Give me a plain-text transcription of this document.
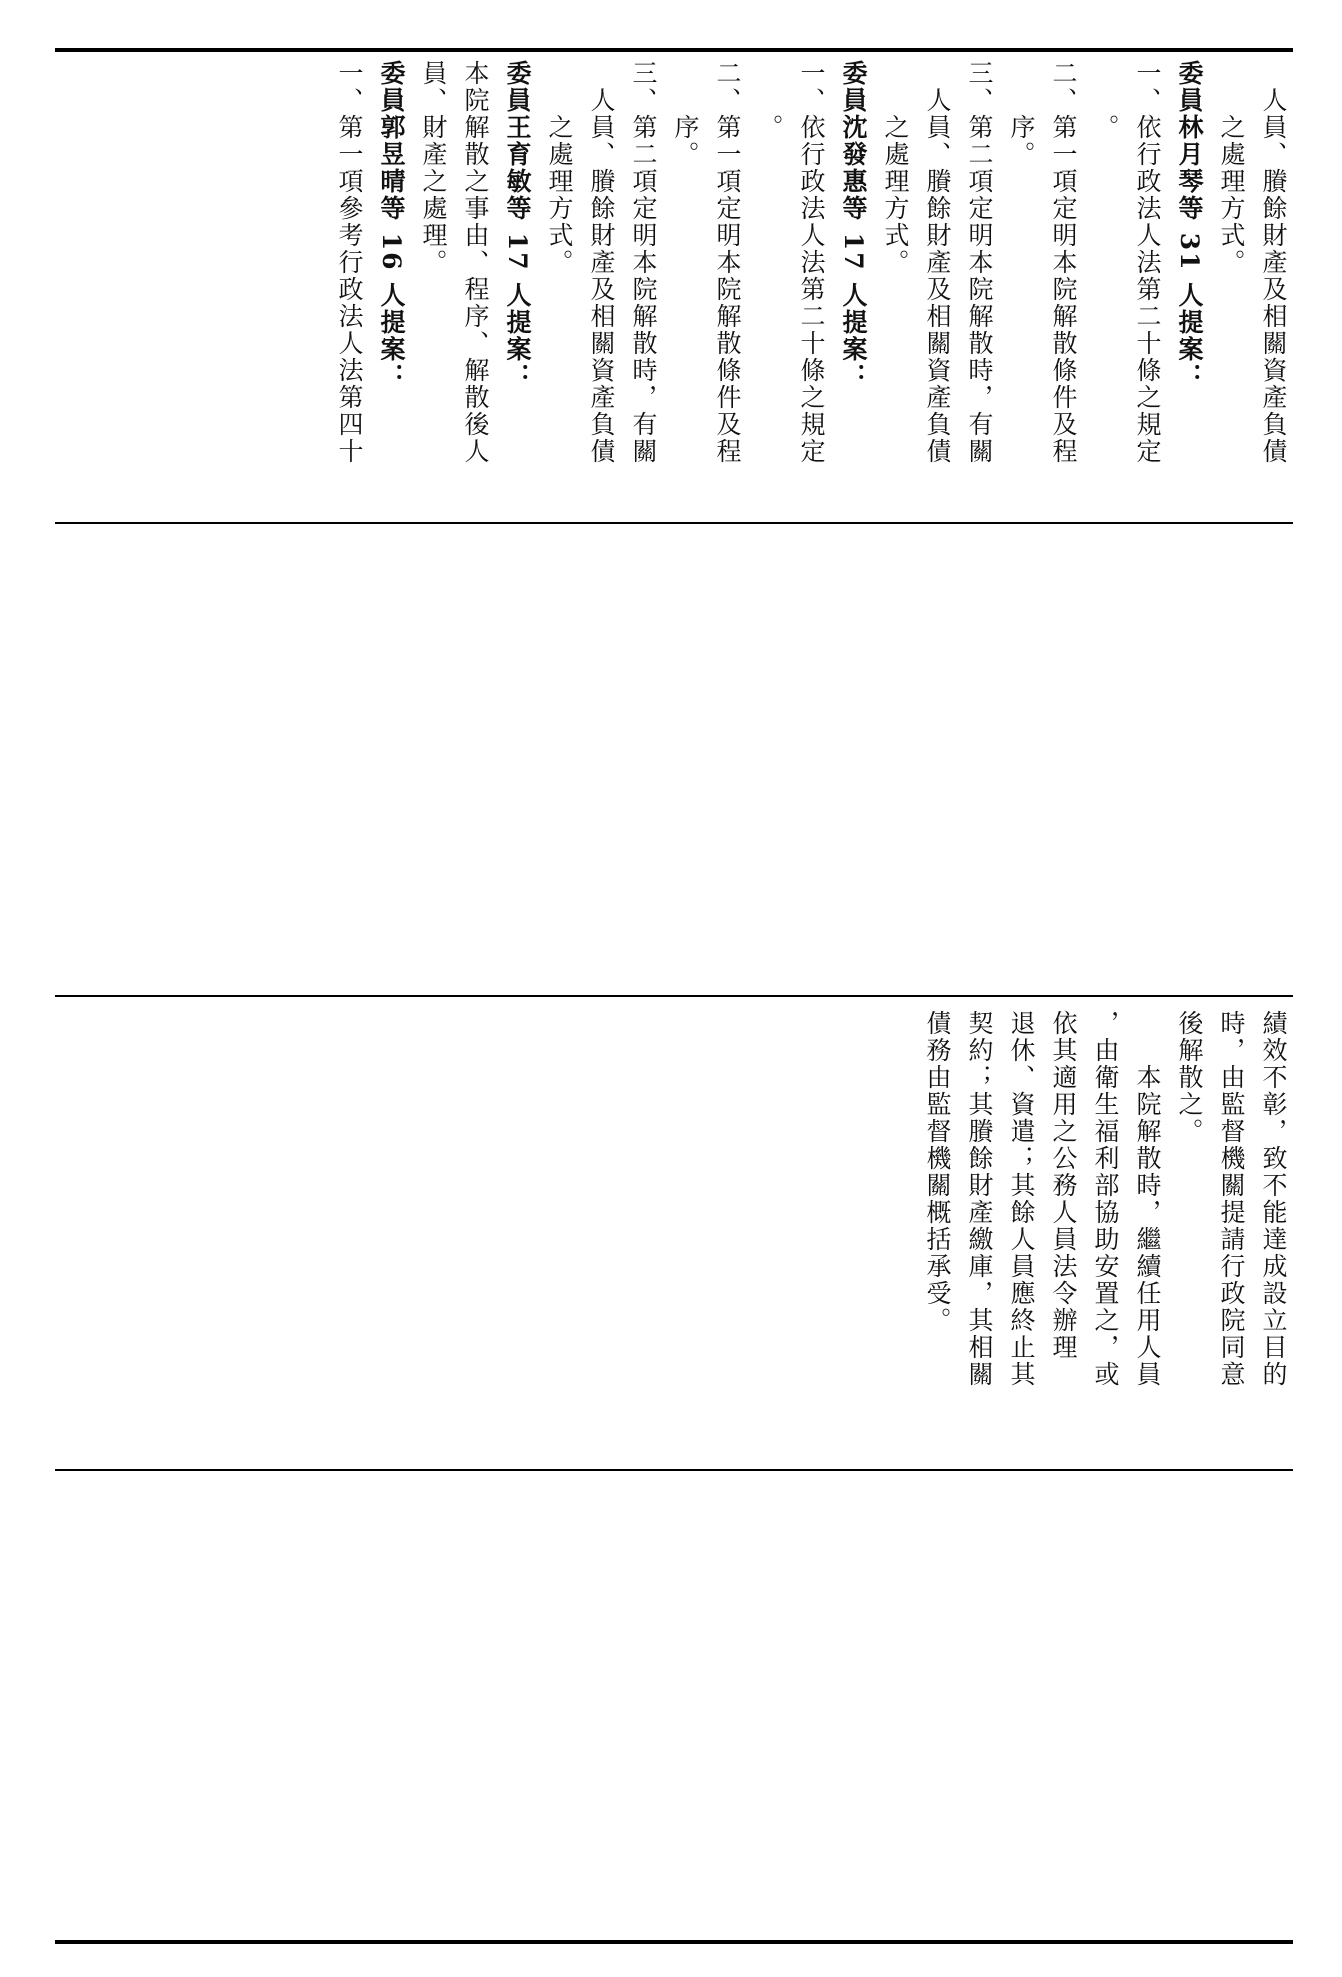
人員、賸餘財產及相關資產負債
之處理方式。
委員林月琴等 31 人提案：
一、依行政法人法第二十條之規定
。
二、第一項定明本院解散條件及程
序。
三、第二項定明本院解散時，有關
人員、賸餘財產及相關資產負債
之處理方式。
委員沈發惠等 17 人提案：
一、依行政法人法第二十條之規定
。
二、第一項定明本院解散條件及程
序。
三、第二項定明本院解散時，有關
人員、賸餘財產及相關資產負債
之處理方式。
委員王育敏等 17 人提案：
本院解散之事由、程序、解散後人
員、財產之處理。
委員郭昱晴等 16 人提案：
一、第一項參考行政法人法第四十
績效不彰，致不能達成設立目的
時，由監督機關提請行政院同意
後解散之。
本院解散時，繼續任用人員
，由衛生福利部協助安置之，或
依其適用之公務人員法令辦理
退休、資遣；其餘人員應終止其
契約；其賸餘財產繳庫，其相關
債務由監督機關概括承受。
